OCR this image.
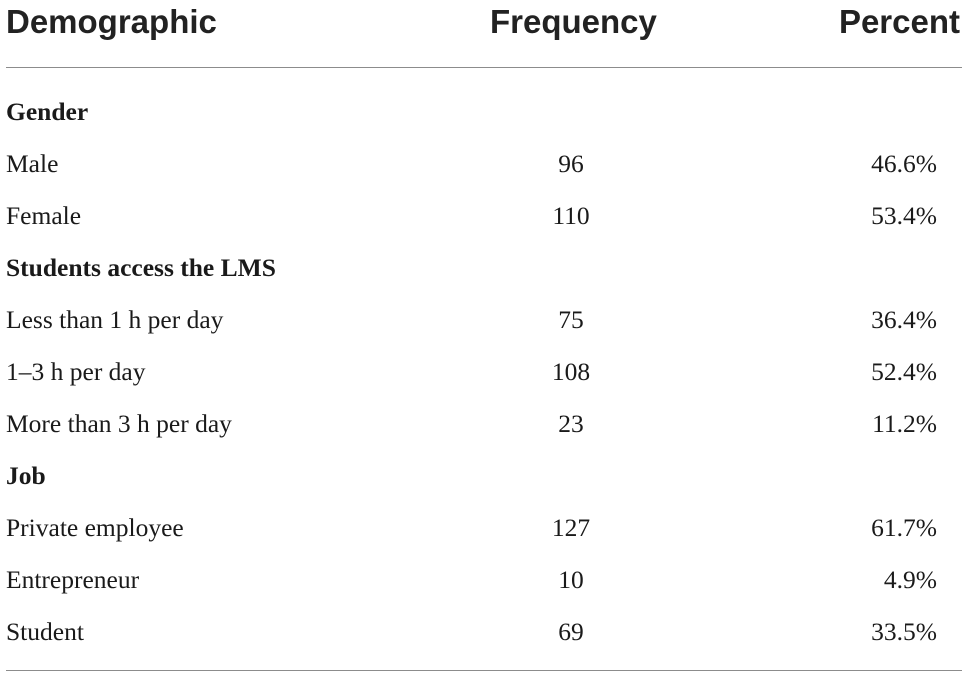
Demographic	Frequency	Percent
Gender
Male	96	46.6%
Female	110	53.4%
Students access the LMS
Less than 1 h per day	75	36.4%
1–3 h per day	108	52.4%
More than 3 h per day	23	11.2%
Job
Private employee	127	61.7%
Entrepreneur	10	4.9%
Student	69	33.5%
